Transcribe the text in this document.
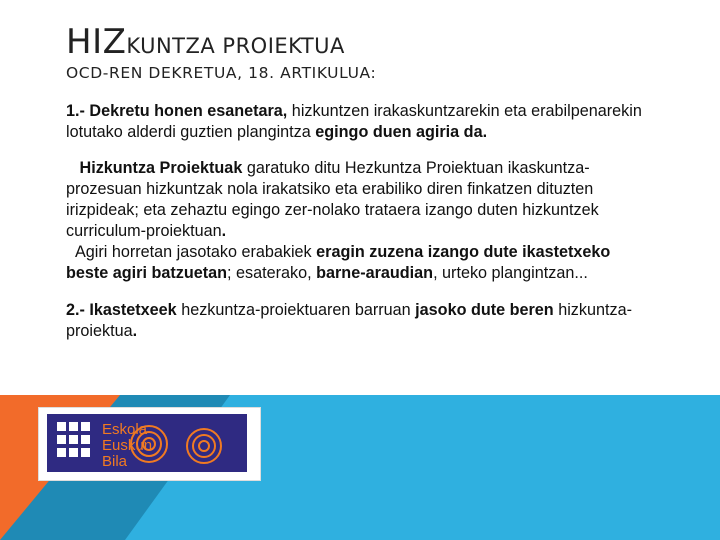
HIZKUNTZA PROIEKTUA
OCD-REN DEKRETUA, 18. ARTIKULUA:

1.- Dekretu honen esanetara, hizkuntzen irakaskuntzarekin eta erabilpenarekin lotutako alderdi guztien plangintza egingo duen agiria da.

Hizkuntza Proiektuak garatuko ditu Hezkuntza Proiektuan ikaskuntza-prozesuan hizkuntzak nola irakatsiko eta erabiliko diren finkatzen dituzten irizpideak; eta zehaztu egingo zer-nolako trataera izango duten hizkuntzek curriculum-proiektuan.

Agiri horretan jasotako erabakiek eragin zuzena izango dute ikastetxeko beste agiri batzuetan; esaterako, barne-araudian, urteko plangintzan...

2.- Ikastetxeek hezkuntza-proiektuaren barruan jasoko dute beren hizkuntza-proiektua.

Eskola
Euskun
Bila
